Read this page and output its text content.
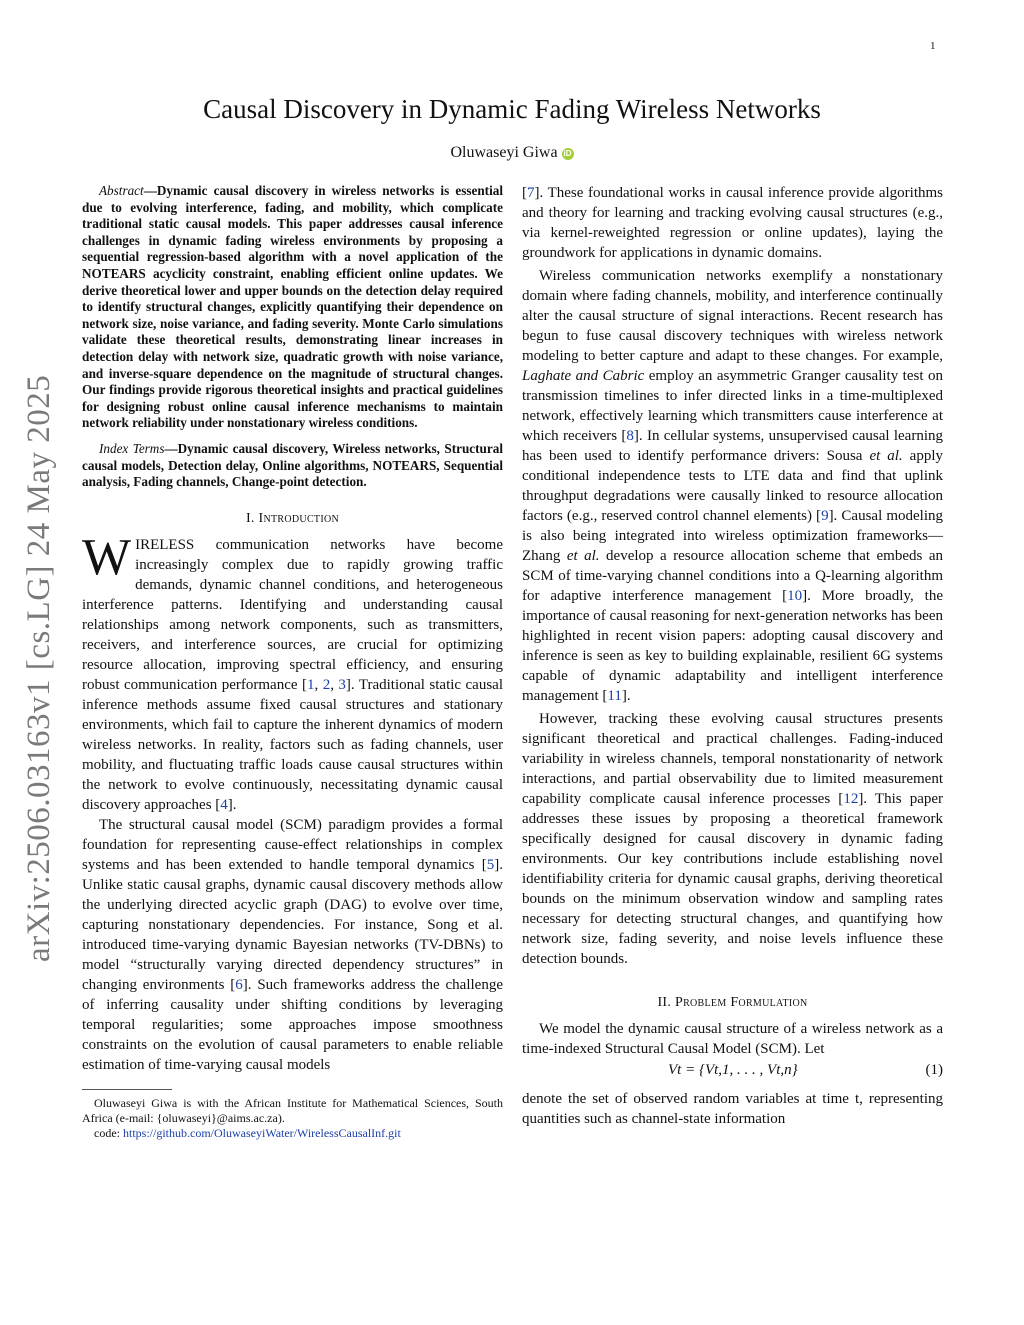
1
arXiv:2506.03163v1 [cs.LG] 24 May 2025
Causal Discovery in Dynamic Fading Wireless Networks
Oluwaseyi Giwa iD

Abstract—Dynamic causal discovery in wireless networks is essential due to evolving interference, fading, and mobility, which complicate traditional static causal models. This paper addresses causal inference challenges in dynamic fading wireless environments by proposing a sequential regression-based algorithm with a novel application of the NOTEARS acyclicity constraint, enabling efficient online updates. We derive theoretical lower and upper bounds on the detection delay required to identify structural changes, explicitly quantifying their dependence on network size, noise variance, and fading severity. Monte Carlo simulations validate these theoretical results, demonstrating linear increases in detection delay with network size, quadratic growth with noise variance, and inverse-square dependence on the magnitude of structural changes. Our findings provide rigorous theoretical insights and practical guidelines for designing robust online causal inference mechanisms to maintain network reliability under nonstationary wireless conditions.

Index Terms—Dynamic causal discovery, Wireless networks, Structural causal models, Detection delay, Online algorithms, NOTEARS, Sequential analysis, Fading channels, Change-point detection.

I. Introduction

WIRELESS communication networks have become increasingly complex due to rapidly growing traffic demands, dynamic channel conditions, and heterogeneous interference patterns. Identifying and understanding causal relationships among network components, such as transmitters, receivers, and interference sources, are crucial for optimizing resource allocation, improving spectral efficiency, and ensuring robust communication performance [1, 2, 3]. Traditional static causal inference methods assume fixed causal structures and stationary environments, which fail to capture the inherent dynamics of modern wireless networks. In reality, factors such as fading channels, user mobility, and fluctuating traffic loads cause causal structures within the network to evolve continuously, necessitating dynamic causal discovery approaches [4].

The structural causal model (SCM) paradigm provides a formal foundation for representing cause-effect relationships in complex systems and has been extended to handle temporal dynamics [5]. Unlike static causal graphs, dynamic causal discovery methods allow the underlying directed acyclic graph (DAG) to evolve over time, capturing nonstationary dependencies. For instance, Song et al. introduced time-varying dynamic Bayesian networks (TV-DBNs) to model “structurally varying directed dependency structures” in changing environments [6]. Such frameworks address the challenge of inferring causality under shifting conditions by leveraging temporal regularities; some approaches impose smoothness constraints on the evolution of causal parameters to enable reliable estimation of time-varying causal models

Oluwaseyi Giwa is with the African Institute for Mathematical Sciences, South Africa (e-mail: {oluwaseyi}@aims.ac.za).

code: https://github.com/OluwaseyiWater/WirelessCausalInf.git

[7]. These foundational works in causal inference provide algorithms and theory for learning and tracking evolving causal structures (e.g., via kernel-reweighted regression or online updates), laying the groundwork for applications in dynamic domains.

Wireless communication networks exemplify a nonstationary domain where fading channels, mobility, and interference continually alter the causal structure of signal interactions. Recent research has begun to fuse causal discovery techniques with wireless network modeling to better capture and adapt to these changes. For example, Laghate and Cabric employ an asymmetric Granger causality test on transmission timelines to infer directed links in a time-multiplexed network, effectively learning which transmitters cause interference at which receivers [8]. In cellular systems, unsupervised causal learning has been used to identify performance drivers: Sousa et al. apply conditional independence tests to LTE data and find that uplink throughput degradations were causally linked to resource allocation factors (e.g., reserved control channel elements) [9]. Causal modeling is also being integrated into wireless optimization frameworks—Zhang et al. develop a resource allocation scheme that embeds an SCM of time-varying channel conditions into a Q-learning algorithm for adaptive interference management [10]. More broadly, the importance of causal reasoning for next-generation networks has been highlighted in recent vision papers: adopting causal discovery and inference is seen as key to building explainable, resilient 6G systems capable of dynamic adaptability and intelligent interference management [11].

However, tracking these evolving causal structures presents significant theoretical and practical challenges. Fading-induced variability in wireless channels, temporal nonstationarity of network interactions, and partial observability due to limited measurement capability complicate causal inference processes [12]. This paper addresses these issues by proposing a theoretical framework specifically designed for causal discovery in dynamic fading environments. Our key contributions include establishing novel identifiability criteria for dynamic causal graphs, deriving theoretical bounds on the minimum observation window and sampling rates necessary for detecting structural changes, and quantifying how network size, fading severity, and noise levels influence these detection bounds.

II. Problem Formulation

We model the dynamic causal structure of a wireless network as a time-indexed Structural Causal Model (SCM). Let

Vt = {Vt,1, . . . , Vt,n}	(1)

denote the set of observed random variables at time t, representing quantities such as channel-state information
